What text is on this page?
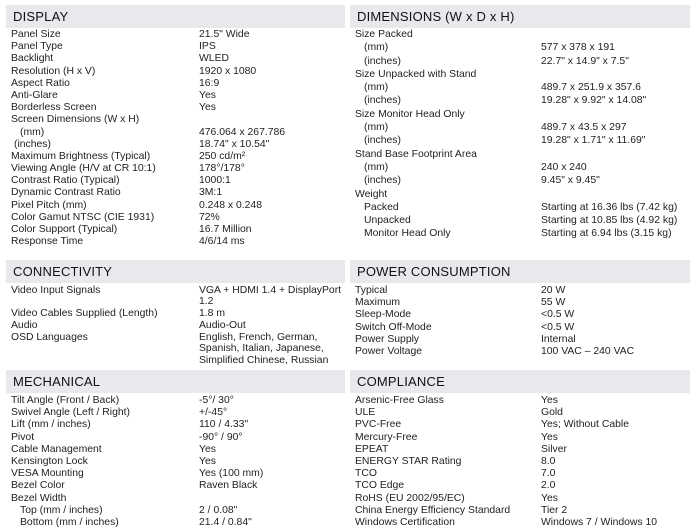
DISPLAY
Panel Size	21.5" Wide
Panel Type	IPS
Backlight	WLED
Resolution (H x V)	1920 x 1080
Aspect Ratio	16:9
Anti-Glare	Yes
Borderless Screen	Yes
Screen Dimensions (W x H)
(mm)	476.064 x 267.786
(inches)	18.74" x 10.54"
Maximum Brightness (Typical)	250 cd/m²
Viewing Angle (H/V at CR 10:1)	178°/178°
Contrast Ratio (Typical)	1000:1
Dynamic Contrast Ratio	3M:1
Pixel Pitch (mm)	0.248 x 0.248
Color Gamut NTSC (CIE 1931)	72%
Color Support (Typical)	16.7 Million
Response Time	4/6/14 ms
DIMENSIONS (W x D x H)
Size Packed
(mm)	577 x 378 x 191
(inches)	22.7" x 14.9" x 7.5"
Size Unpacked with Stand
(mm)	489.7 x 251.9 x 357.6
(inches)	19.28" x 9.92" x 14.08"
Size Monitor Head Only
(mm)	489.7 x 43.5 x 297
(inches)	19.28" x 1.71" x 11.69"
Stand Base Footprint Area
(mm)	240 x 240
(inches)	9.45" x 9.45"
Weight
Packed	Starting at 16.36 lbs (7.42 kg)
Unpacked	Starting at 10.85 lbs (4.92 kg)
Monitor Head Only	Starting at 6.94 lbs (3.15 kg)
CONNECTIVITY
Video Input Signals	VGA + HDMI 1.4 + DisplayPort 1.2
Video Cables Supplied (Length)	1.8 m
Audio	Audio-Out
OSD Languages	English, French, German, Spanish, Italian, Japanese, Simplified Chinese, Russian
POWER CONSUMPTION
Typical	20 W
Maximum	55 W
Sleep-Mode	<0.5 W
Switch Off-Mode	<0.5 W
Power Supply	Internal
Power Voltage	100 VAC – 240 VAC
MECHANICAL
Tilt Angle (Front / Back)	-5°/ 30°
Swivel Angle (Left / Right)	+/-45°
Lift (mm / inches)	110 / 4.33"
Pivot	-90° / 90°
Cable Management	Yes
Kensington Lock	Yes
VESA Mounting	Yes (100 mm)
Bezel Color	Raven Black
Bezel Width
Top (mm / inches)	2 / 0.08"
Bottom (mm / inches)	21.4 / 0.84"
COMPLIANCE
Arsenic-Free Glass	Yes
ULE	Gold
PVC-Free	Yes; Without Cable
Mercury-Free	Yes
EPEAT	Silver
ENERGY STAR Rating	8.0
TCO	7.0
TCO Edge	2.0
RoHS (EU 2002/95/EC)	Yes
China Energy Efficiency Standard	Tier 2
Windows Certification	Windows 7 / Windows 10
